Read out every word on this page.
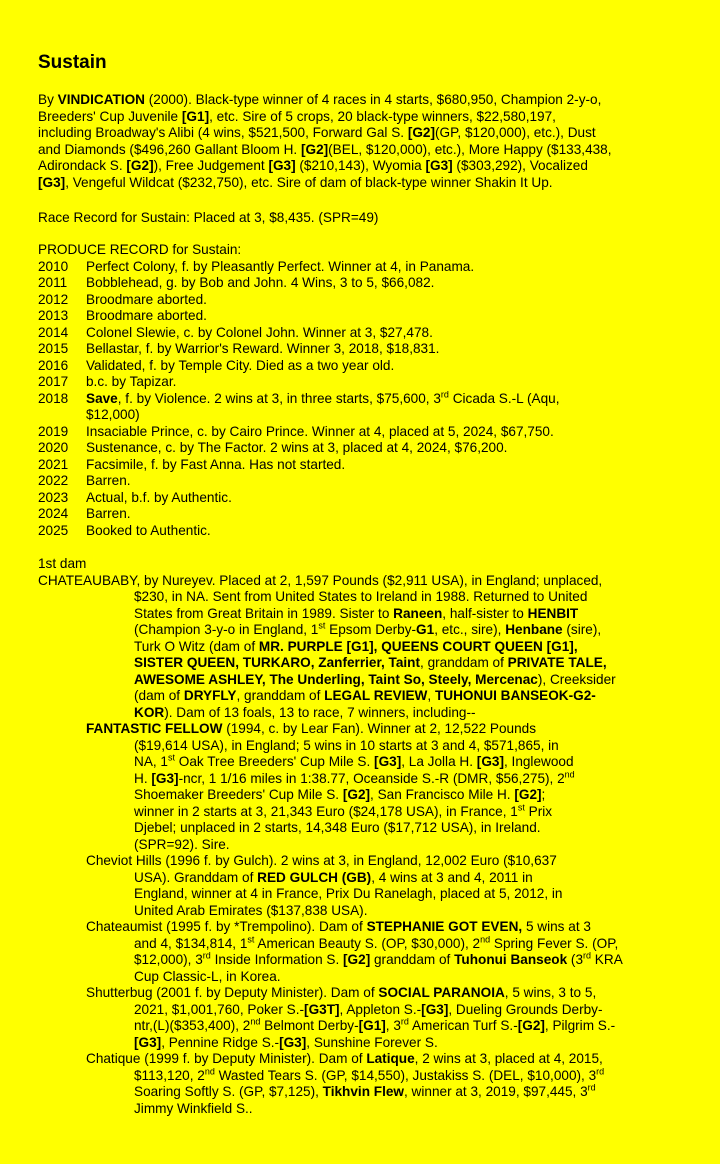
Sustain
By VINDICATION (2000). Black-type winner of 4 races in 4 starts, $680,950, Champion 2-y-o,
Breeders' Cup Juvenile [G1], etc. Sire of 5 crops, 20 black-type winners, $22,580,197,
including Broadway's Alibi (4 wins, $521,500, Forward Gal S. [G2](GP, $120,000), etc.), Dust
and Diamonds ($496,260 Gallant Bloom H. [G2](BEL, $120,000), etc.), More Happy ($133,438,
Adirondack S. [G2]), Free Judgement [G3] ($210,143), Wyomia [G3] ($303,292), Vocalized
[G3], Vengeful Wildcat ($232,750), etc. Sire of dam of black-type winner Shakin It Up.
Race Record for Sustain: Placed at 3, $8,435. (SPR=49)
PRODUCE RECORD for Sustain:
2010 Perfect Colony, f. by Pleasantly Perfect. Winner at 4, in Panama.
2011 Bobblehead, g. by Bob and John. 4 Wins, 3 to 5, $66,082.
2012 Broodmare aborted.
2013 Broodmare aborted.
2014 Colonel Slewie, c. by Colonel John. Winner at 3, $27,478.
2015 Bellastar, f. by Warrior's Reward. Winner 3, 2018, $18,831.
2016 Validated, f. by Temple City. Died as a two year old.
2017 b.c. by Tapizar.
2018 Save, f. by Violence. 2 wins at 3, in three starts, $75,600, 3rd Cicada S.-L (Aqu,
$12,000)
2019 Insaciable Prince, c. by Cairo Prince. Winner at 4, placed at 5, 2024, $67,750.
2020 Sustenance, c. by The Factor. 2 wins at 3, placed at 4, 2024, $76,200.
2021 Facsimile, f. by Fast Anna. Has not started.
2022 Barren.
2023 Actual, b.f. by Authentic.
2024 Barren.
2025 Booked to Authentic.
1st dam
CHATEAUBABY, by Nureyev. Placed at 2, 1,597 Pounds ($2,911 USA), in England; unplaced,
$230, in NA. Sent from United States to Ireland in 1988. Returned to United
States from Great Britain in 1989. Sister to Raneen, half-sister to HENBIT
(Champion 3-y-o in England, 1st Epsom Derby-G1, etc., sire), Henbane (sire),
Turk O Witz (dam of MR. PURPLE [G1], QUEENS COURT QUEEN [G1],
SISTER QUEEN, TURKARO, Zanferrier, Taint, granddam of PRIVATE TALE,
AWESOME ASHLEY, The Underling, Taint So, Steely, Mercenac), Creeksider
(dam of DRYFLY, granddam of LEGAL REVIEW, TUHONUI BANSEOK-G2-
KOR). Dam of 13 foals, 13 to race, 7 winners, including--
FANTASTIC FELLOW (1994, c. by Lear Fan). Winner at 2, 12,522 Pounds
($19,614 USA), in England; 5 wins in 10 starts at 3 and 4, $571,865, in
NA, 1st Oak Tree Breeders' Cup Mile S. [G3], La Jolla H. [G3], Inglewood
H. [G3]-ncr, 1 1/16 miles in 1:38.77, Oceanside S.-R (DMR, $56,275), 2nd
Shoemaker Breeders' Cup Mile S. [G2], San Francisco Mile H. [G2];
winner in 2 starts at 3, 21,343 Euro ($24,178 USA), in France, 1st Prix
Djebel; unplaced in 2 starts, 14,348 Euro ($17,712 USA), in Ireland.
(SPR=92). Sire.
Cheviot Hills (1996 f. by Gulch). 2 wins at 3, in England, 12,002 Euro ($10,637
USA). Granddam of RED GULCH (GB), 4 wins at 3 and 4, 2011 in
England, winner at 4 in France, Prix Du Ranelagh, placed at 5, 2012, in
United Arab Emirates ($137,838 USA).
Chateaumist (1995 f. by *Trempolino). Dam of STEPHANIE GOT EVEN, 5 wins at 3
and 4, $134,814, 1st American Beauty S. (OP, $30,000), 2nd Spring Fever S. (OP,
$12,000), 3rd Inside Information S. [G2] granddam of Tuhonui Banseok (3rd KRA
Cup Classic-L, in Korea.
Shutterbug (2001 f. by Deputy Minister). Dam of SOCIAL PARANOIA, 5 wins, 3 to 5,
2021, $1,001,760, Poker S.-[G3T], Appleton S.-[G3], Dueling Grounds Derby-
ntr,(L)($353,400), 2nd Belmont Derby-[G1], 3rd American Turf S.-[G2], Pilgrim S.-
[G3], Pennine Ridge S.-[G3], Sunshine Forever S.
Chatique (1999 f. by Deputy Minister). Dam of Latique, 2 wins at 3, placed at 4, 2015,
$113,120, 2nd Wasted Tears S. (GP, $14,550), Justakiss S. (DEL, $10,000), 3rd
Soaring Softly S. (GP, $7,125), Tikhvin Flew, winner at 3, 2019, $97,445, 3rd
Jimmy Winkfield S..
